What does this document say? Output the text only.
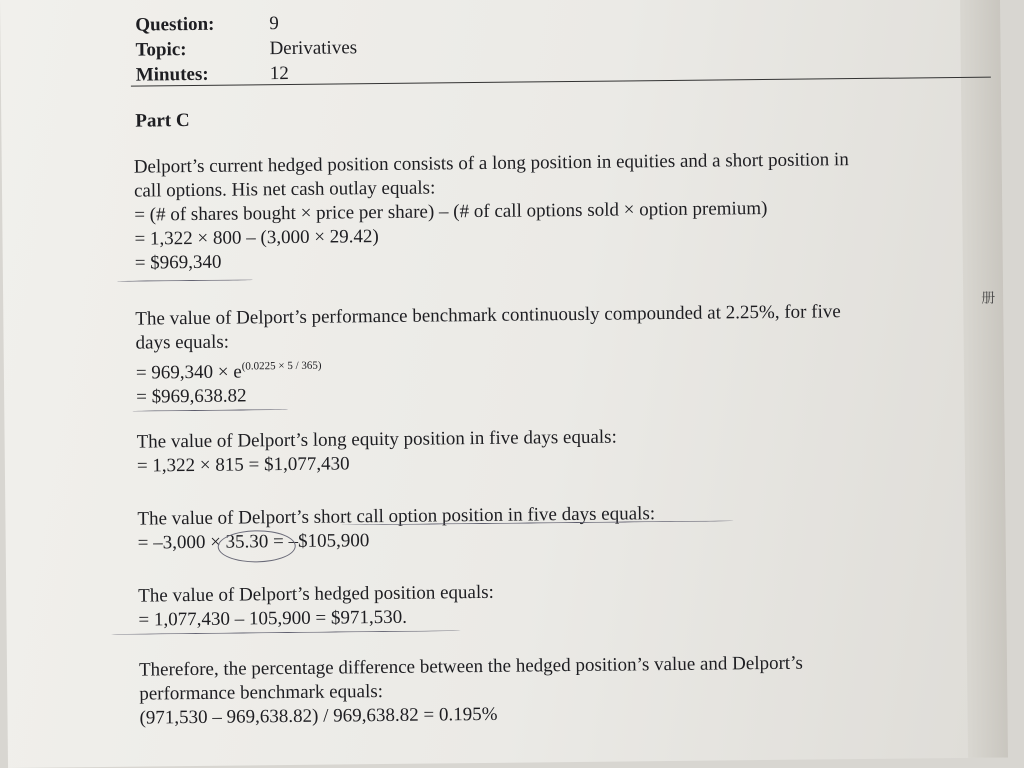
册
Question:	9
Topic:	Derivatives
Minutes:	12
Part C

Delport’s current hedged position consists of a long position in equities and a short position in

call options. His net cash outlay equals:

= (# of shares bought × price per share) – (# of call options sold × option premium)

= 1,322 × 800 – (3,000 × 29.42)

= $969,340

The value of Delport’s performance benchmark continuously compounded at 2.25%, for five

days equals:

= $969,340 \times e^{(0.0225 \times 5 / 365)}$

= $969,638.82

The value of Delport’s long equity position in five days equals:

= 1,322 × 815 = $1,077,430

The value of Delport’s short call option position in five days equals:

= –3,000 × 35.30 = –$105,900

The value of Delport’s hedged position equals:

= 1,077,430 – 105,900 = $971,530.

Therefore, the percentage difference between the hedged position’s value and Delport’s

performance benchmark equals:

(971,530 – 969,638.82) / 969,638.82 = 0.195%
